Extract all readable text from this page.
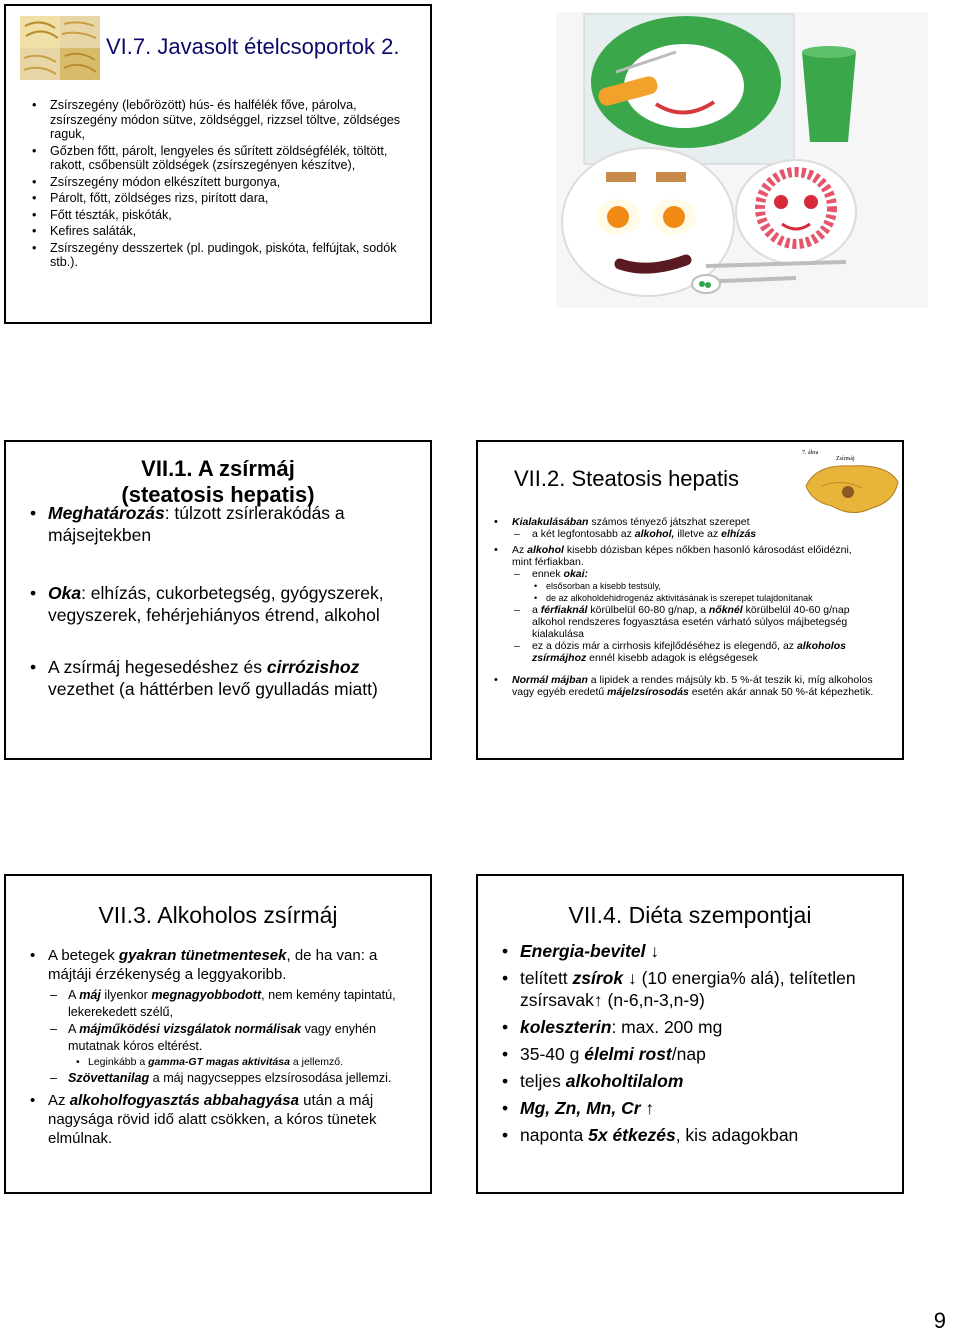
VI.7. Javasolt ételcsoportok 2.
• Zsírszegény (lebőrözött) hús- és halfélék főve, párolva, zsírszegény módon sütve, zöldséggel, rizzsel töltve, zöldséges raguk,
• Gőzben főtt, párolt, lengyeles és sűrített zöldségfélék, töltött, rakott, csőbensült zöldségek (zsírszegényen készítve),
• Zsírszegény módon elkészített burgonya,
• Párolt, főtt, zöldséges rizs, pirított dara,
• Főtt tészták, piskóták,
• Kefires saláták,
• Zsírszegény desszertek (pl. pudingok, piskóta, felfújtak, sodók stb.).
VII.1. A zsírmáj
(steatosis hepatis)
• Meghatározás: túlzott zsírlerakódás a májsejtekben
• Oka: elhízás, cukorbetegség, gyógyszerek, vegyszerek, fehérjehiányos étrend, alkohol
• A zsírmáj hegesedéshez és cirrózishoz vezethet (a háttérben levő gyulladás miatt)
VII.2. Steatosis hepatis
7. ábra
Zsírmáj
• Kialakulásában számos tényező játszhat szerepet
– a két legfontosabb az alkohol, illetve az elhízás
• Az alkohol kisebb dózisban képes nőkben hasonló károsodást előidézni, mint férfiakban.
– ennek okai:
• elsősorban a kisebb testsúly,
• de az alkoholdehidrogenáz aktivitásának is szerepet tulajdonítanak
– a férfiaknál körülbelül 60-80 g/nap, a nőknél körülbelül 40-60 g/nap alkohol rendszeres fogyasztása esetén várható súlyos májbetegség kialakulása
– ez a dózis már a cirrhosis kifejlődéséhez is elegendő, az alkoholos zsírmájhoz ennél kisebb adagok is elégségesek
• Normál májban a lipidek a rendes májsúly kb. 5 %-át teszik ki, míg alkoholos vagy egyéb eredetű májelzsírosodás esetén akár annak 50 %-át képezhetik.
VII.3. Alkoholos zsírmáj
• A betegek gyakran tünetmentesek, de ha van: a májtáji érzékenység a leggyakoribb.
– A máj ilyenkor megnagyobbodott, nem kemény tapintatú, lekerekedett szélű,
– A májműködési vizsgálatok normálisak vagy enyhén mutatnak kóros eltérést.
• Leginkább a gamma-GT magas aktivitása a jellemző.
– Szövettanilag a máj nagycseppes elzsírosodása jellemzi.
• Az alkoholfogyasztás abbahagyása után a máj nagysága rövid idő alatt csökken, a kóros tünetek elmúlnak.
VII.4. Diéta szempontjai
• Energia-bevitel ↓
• telített zsírok ↓ (10 energia% alá), telítetlen zsírsavak↑ (n-6,n-3,n-9)
• koleszterin: max. 200 mg
• 35-40 g élelmi rost/nap
• teljes alkoholtilalom
• Mg, Zn, Mn, Cr ↑
• naponta 5x étkezés, kis adagokban
9
